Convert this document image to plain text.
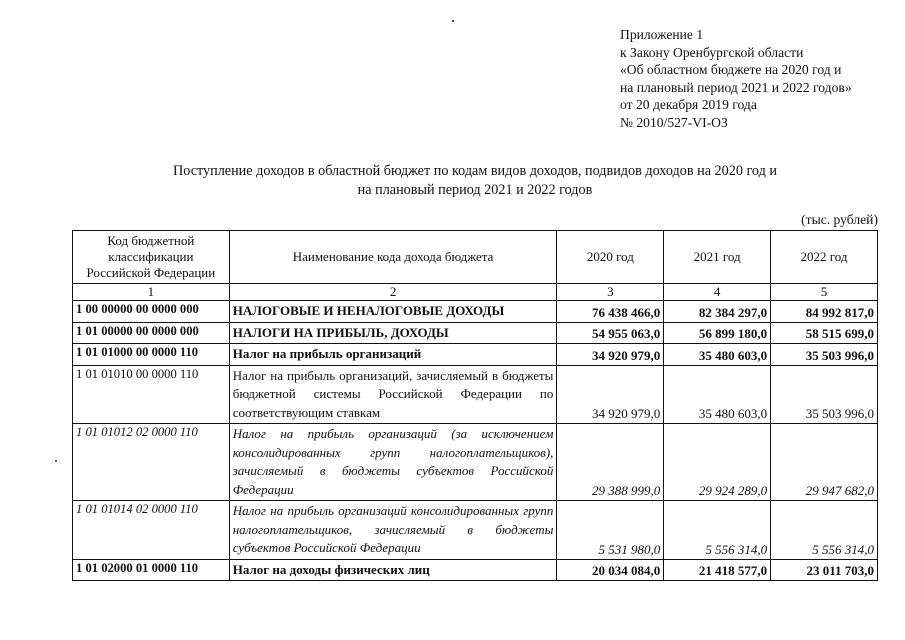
Приложение 1
к Закону Оренбургской области
«Об областном бюджете на 2020 год и
на плановый период 2021 и 2022 годов»
от 20 декабря 2019 года
№ 2010/527-VI-ОЗ
Поступление доходов в областной бюджет по кодам видов доходов, подвидов доходов на 2020 год и
на плановый период 2021 и 2022 годов
(тыс. рублей)
Код бюджетной классификации Российской Федерации	Наименование кода дохода бюджета	2020 год	2021 год	2022 год
1	2	3	4	5
1 00 00000 00 0000 000	НАЛОГОВЫЕ И НЕНАЛОГОВЫЕ ДОХОДЫ	76 438 466,0	82 384 297,0	84 992 817,0
1 01 00000 00 0000 000	НАЛОГИ НА ПРИБЫЛЬ, ДОХОДЫ	54 955 063,0	56 899 180,0	58 515 699,0
1 01 01000 00 0000 110	Налог на прибыль организаций	34 920 979,0	35 480 603,0	35 503 996,0
1 01 01010 00 0000 110	Налог на прибыль организаций, зачисляемый в бюджеты бюджетной системы Российской Федерации по соответствующим ставкам	34 920 979,0	35 480 603,0	35 503 996,0
1 01 01012 02 0000 110	Налог на прибыль организаций (за исключением консолидированных групп налогоплательщиков), зачисляемый в бюджеты субъектов Российской Федерации	29 388 999,0	29 924 289,0	29 947 682,0
1 01 01014 02 0000 110	Налог на прибыль организаций консолидированных групп налогоплательщиков, зачисляемый в бюджеты субъектов Российской Федерации	5 531 980,0	5 556 314,0	5 556 314,0
1 01 02000 01 0000 110	Налог на доходы физических лиц	20 034 084,0	21 418 577,0	23 011 703,0
